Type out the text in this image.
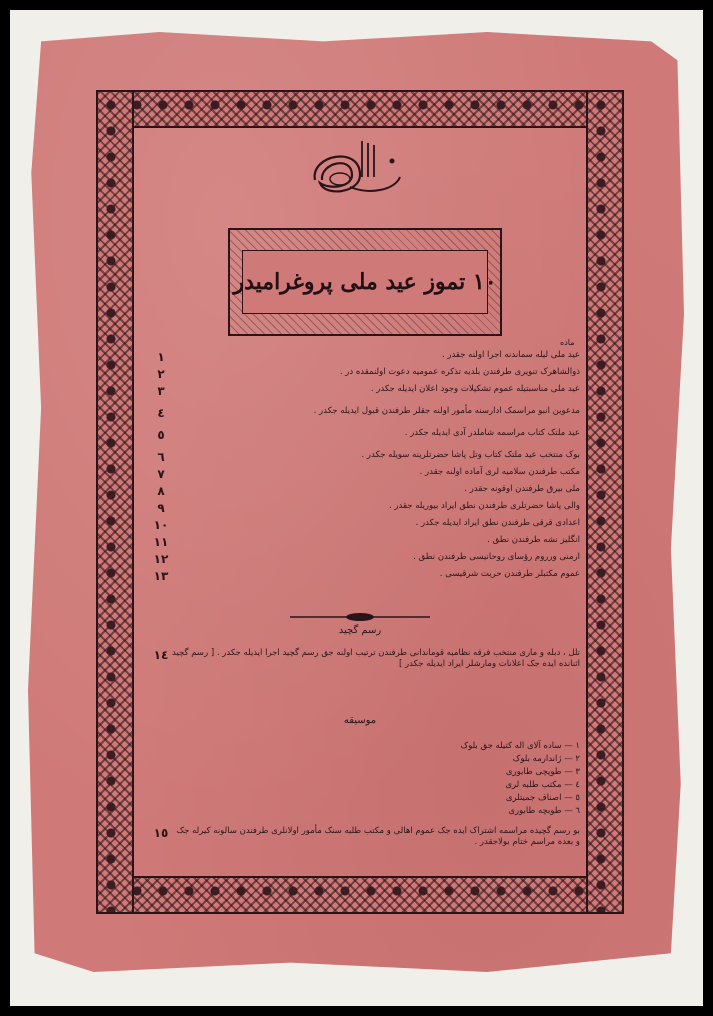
۱۰ تموز عید ملی پروغرامیدر
ماده
۱	عید ملی لیله سماندنه اجرا اولنه جقدر .
۲	ذوالشاهرک تنویری طرفندن بلدیه تذکره عمومیه دعوت اولنمقده در .
۳	عید ملی مناسبتیله عموم تشکیلات وجود اعلان ایدیله جکدر .
٤	مدعوین انبو مراسمک ادارسنه مأمور اولنه جقلر طرفندن قبول ایدیله جکدر .
٥	عید ملتک کتاب مراسمه شاملدر آدی ایدیله جکدر .
٦	بوک منتخب عید ملتک کتاب وتل پاشا حضرتلرینه سویله جکدر .
۷	مکتب طرفندن سلامیه لری آماده اولنه جقدر .
۸	ملی بیرق طرفندن اوقونه جقدر .
۹	والی پاشا حضرتلری طرفندن نطق ایراد بیوریله جقدر .
۱۰	اعدادی قرقی طرفندن نطق ایراد ایدیله جکدر .
۱۱	انگلیز نشه طرفندن نطق .
۱۲	ارمنی ورروم رؤسای روحانیسی طرفندن نطق .
۱۳	عموم مکتبلر طرفندن حریت شرقیسی .
رسم گچید
۱٤ تلل ، دبله و ماری منتخب فرقه نظامیه قوماندانی طرفندن ترتیب اولنه جق رسم گچید اجرا ایدیله جکدر . [ رسم گچید اثنانده ایده جک اعلانات ومارشلر ایراد ایدیله جکدر ]
موسیقه
۱ — ساده آلای اله کتیله جق بلوک
۲ — ژاندارمه بلوک
۳ — طوپچی طابوری
٤ — مکتب طلبه لری
٥ — اصناف جمیتلری
٦ — طوبچه طابوری
۱٥ بو رسم گچیده مراسمه اشتراک ایده جک عموم اهالی و مکتب طلبه سنک مأمور اولانلری طرفندن سالونه کیرله جک و بعده مراسم ختام بولاجقدر .
